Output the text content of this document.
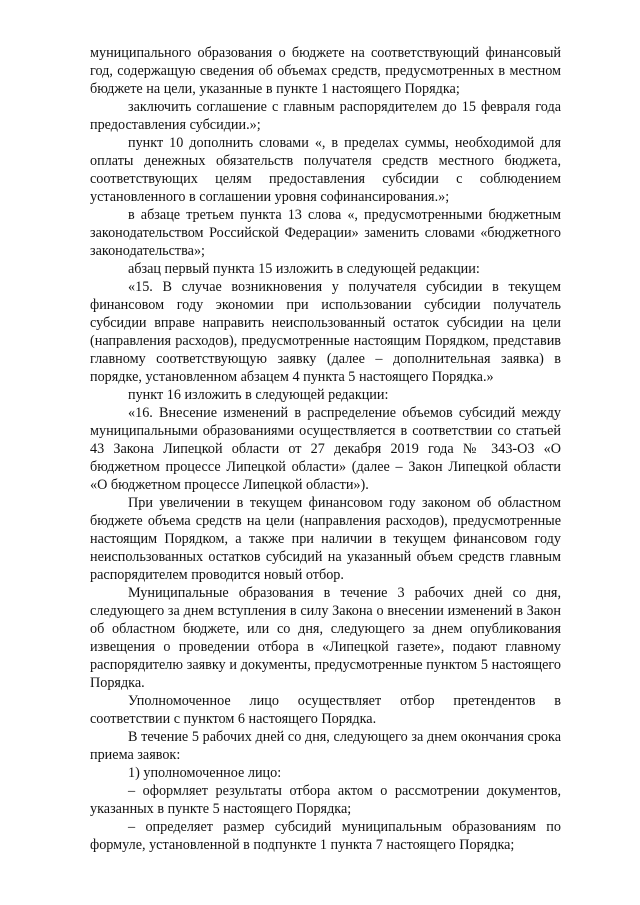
муниципального образования о бюджете на соответствующий финансовый год, содержащую сведения об объемах средств, предусмотренных в местном бюджете на цели, указанные в пункте 1 настоящего Порядка;

заключить соглашение с главным распорядителем до 15 февраля года предоставления субсидии.»;

пункт 10 дополнить словами «, в пределах суммы, необходимой для оплаты денежных обязательств получателя средств местного бюджета, соответствующих целям предоставления субсидии с соблюдением установленного в соглашении уровня софинансирования.»;

в абзаце третьем пункта 13 слова «, предусмотренными бюджетным законодательством Российской Федерации» заменить словами «бюджетного законодательства»;

абзац первый пункта 15 изложить в следующей редакции:

«15. В случае возникновения у получателя субсидии в текущем финансовом году экономии при использовании субсидии получатель субсидии вправе направить неиспользованный остаток субсидии на цели (направления расходов), предусмотренные настоящим Порядком, представив главному соответствующую заявку (далее – дополнительная заявка) в порядке, установленном абзацем 4 пункта 5 настоящего Порядка.»

пункт 16 изложить в следующей редакции:

«16. Внесение изменений в распределение объемов субсидий между муниципальными образованиями осуществляется в соответствии со статьей 43 Закона Липецкой области от 27 декабря 2019 года № 343-ОЗ «О бюджетном процессе Липецкой области» (далее – Закон Липецкой области «О бюджетном процессе Липецкой области»).

При увеличении в текущем финансовом году законом об областном бюджете объема средств на цели (направления расходов), предусмотренные настоящим Порядком, а также при наличии в текущем финансовом году неиспользованных остатков субсидий на указанный объем средств главным распорядителем проводится новый отбор.

Муниципальные образования в течение 3 рабочих дней со дня, следующего за днем вступления в силу Закона о внесении изменений в Закон об областном бюджете, или со дня, следующего за днем опубликования извещения о проведении отбора в «Липецкой газете», подают главному распорядителю заявку и документы, предусмотренные пунктом 5 настоящего Порядка.

Уполномоченное лицо осуществляет отбор претендентов в соответствии с пунктом 6 настоящего Порядка.

В течение 5 рабочих дней со дня, следующего за днем окончания срока приема заявок:

1) уполномоченное лицо:

– оформляет результаты отбора актом о рассмотрении документов, указанных в пункте 5 настоящего Порядка;

– определяет размер субсидий муниципальным образованиям по формуле, установленной в подпункте 1 пункта 7 настоящего Порядка;
